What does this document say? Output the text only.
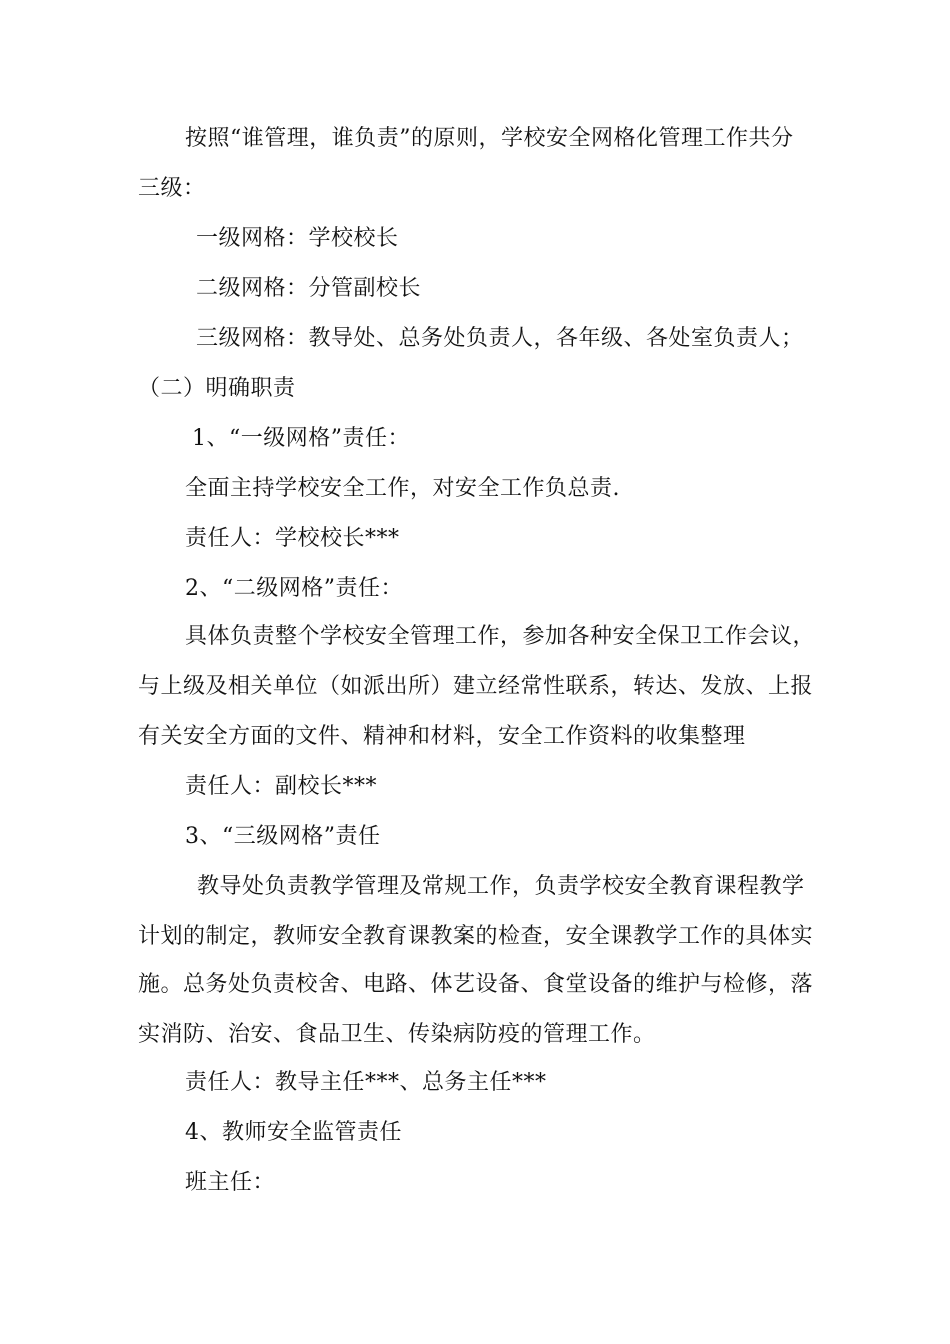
按照“谁管理，谁负责”的原则，学校安全网格化管理工作共分
三级：
一级网格：学校校长
二级网格：分管副校长
三级网格：教导处、总务处负责人，各年级、各处室负责人；
（二）明确职责
1、“一级网格”责任：
全面主持学校安全工作，对安全工作负总责.
责任人：学校校长***
2、“二级网格”责任：
具体负责整个学校安全管理工作，参加各种安全保卫工作会议，
与上级及相关单位（如派出所）建立经常性联系，转达、发放、上报
有关安全方面的文件、精神和材料，安全工作资料的收集整理
责任人：副校长***
3、“三级网格”责任
教导处负责教学管理及常规工作，负责学校安全教育课程教学
计划的制定，教师安全教育课教案的检查，安全课教学工作的具体实
施。总务处负责校舍、电路、体艺设备、食堂设备的维护与检修，落
实消防、治安、食品卫生、传染病防疫的管理工作。
责任人：教导主任***、总务主任***
4、教师安全监管责任
班主任：
